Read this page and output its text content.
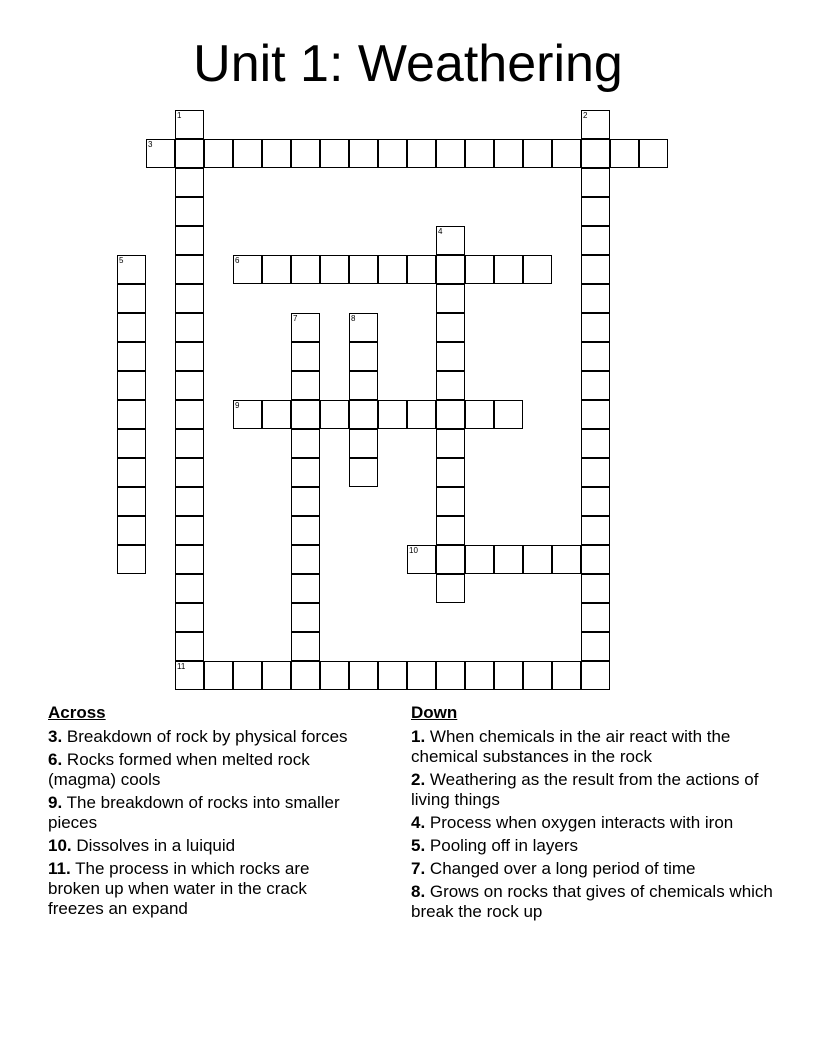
Unit 1: Weathering
3
6
9
10
11
1	2
4
5
7	8
Across
3. Breakdown of rock by physical forces
6. Rocks formed when melted rock (magma) cools
9. The breakdown of rocks into smaller pieces
10. Dissolves in a luiquid
11. The process in which rocks are broken up when water in the crack freezes an expand
Down
1. When chemicals in the air react with the chemical substances in the rock
2. Weathering as the result from the actions of living things
4. Process when oxygen interacts with iron
5. Pooling off in layers
7. Changed over a long period of time
8. Grows on rocks that gives of chemicals which break the rock up
